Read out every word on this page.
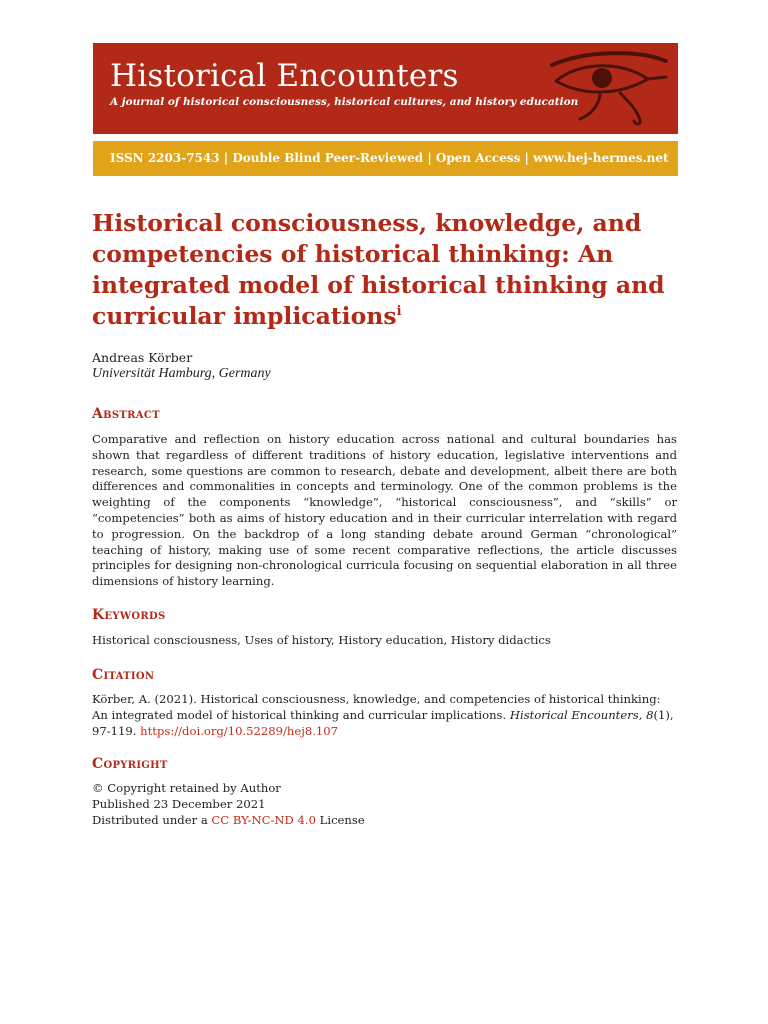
Historical Encounters
A journal of historical consciousness, historical cultures, and history education
ISSN 2203-7543 | Double Blind Peer-Reviewed | Open Access | www.hej-hermes.net
Historical consciousness, knowledge, and competencies of historical thinking: An integrated model of historical thinking and curricular implications$^i$
Andreas Körber
Universität Hamburg, Germany
Abstract

Comparative and reflection on history education across national and cultural boundaries has shown that regardless of different traditions of history education, legislative interventions and research, some questions are common to research, debate and development, albeit there are both differences and commonalities in concepts and terminology. One of the common problems is the weighting of the components “knowledge”, “historical consciousness”, and “skills” or “competencies” both as aims of history education and in their curricular interrelation with regard to progression. On the backdrop of a long standing debate around German “chronological” teaching of history, making use of some recent comparative reflections, the article discusses principles for designing non-chronological curricula focusing on sequential elaboration in all three dimensions of history learning.

Keywords

Historical consciousness, Uses of history, History education, History didactics

Citation

Körber, A. (2021). Historical consciousness, knowledge, and competencies of historical thinking: An integrated model of historical thinking and curricular implications. Historical Encounters, 8(1), 97-119. https://doi.org/10.52289/hej8.107

Copyright

© Copyright retained by Author
Published 23 December 2021
Distributed under a CC BY-NC-ND 4.0 License
